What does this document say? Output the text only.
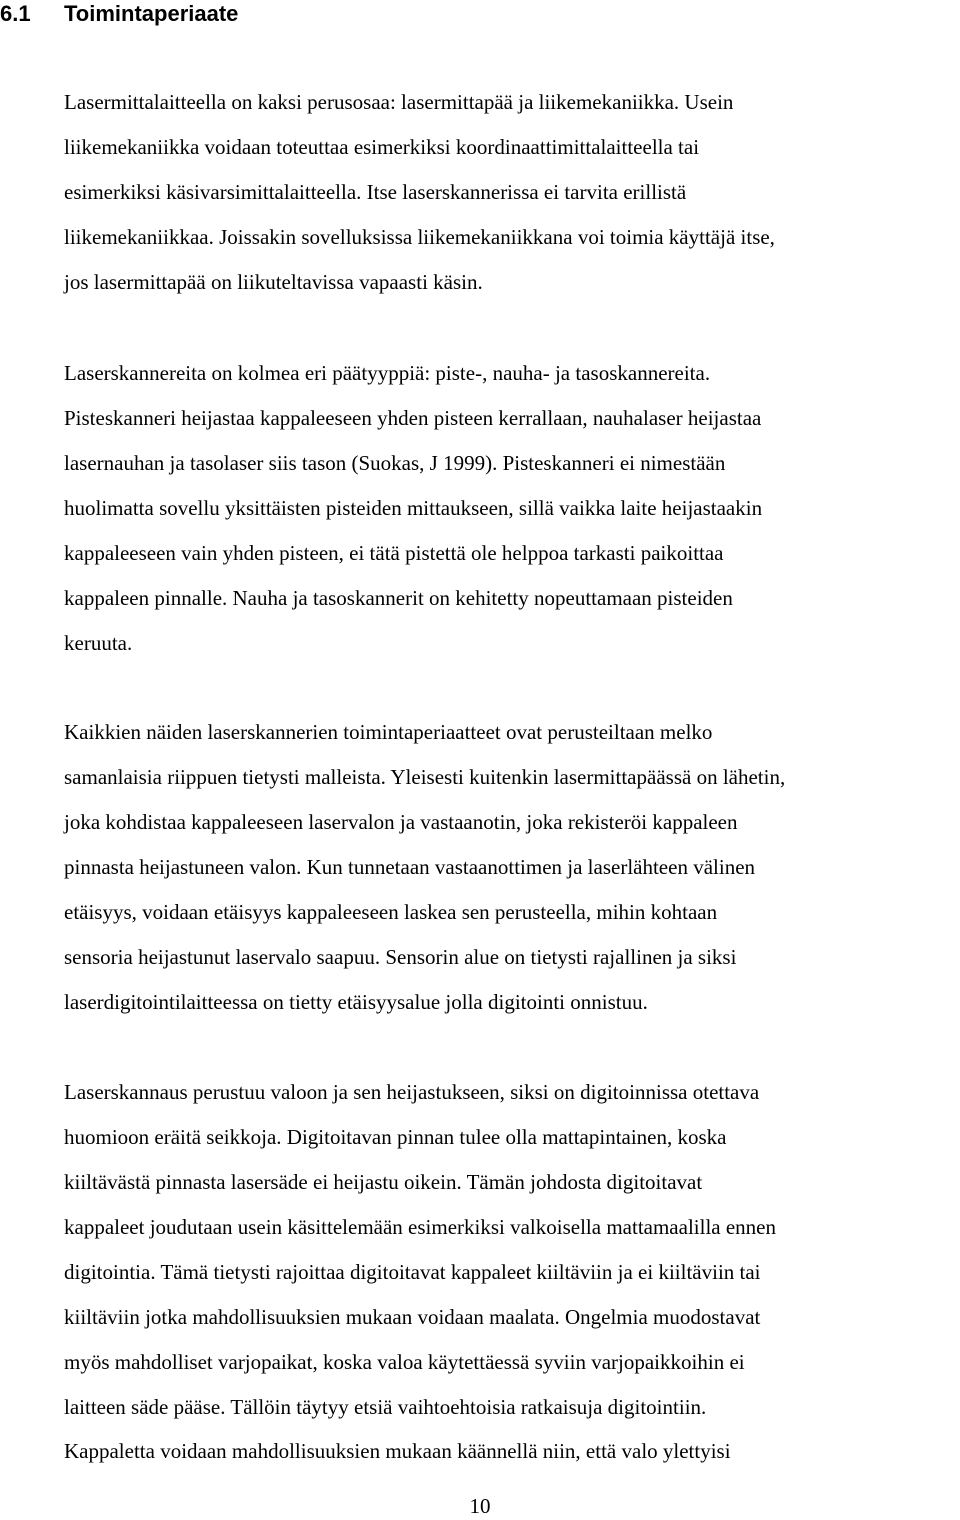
6.1 Toimintaperiaate

Lasermittalaitteella on kaksi perusosaa: lasermittapää ja liikemekaniikka. Usein

liikemekaniikka voidaan toteuttaa esimerkiksi koordinaattimittalaitteella tai

esimerkiksi käsivarsimittalaitteella. Itse laserskannerissa ei tarvita erillistä

liikemekaniikkaa. Joissakin sovelluksissa liikemekaniikkana voi toimia käyttäjä itse,

jos lasermittapää on liikuteltavissa vapaasti käsin.

Laserskannereita on kolmea eri päätyyppiä: piste-, nauha- ja tasoskannereita.

Pisteskanneri heijastaa kappaleeseen yhden pisteen kerrallaan, nauhalaser heijastaa

lasernauhan ja tasolaser siis tason (Suokas, J 1999). Pisteskanneri ei nimestään

huolimatta sovellu yksittäisten pisteiden mittaukseen, sillä vaikka laite heijastaakin

kappaleeseen vain yhden pisteen, ei tätä pistettä ole helppoa tarkasti paikoittaa

kappaleen pinnalle. Nauha ja tasoskannerit on kehitetty nopeuttamaan pisteiden

keruuta.

Kaikkien näiden laserskannerien toimintaperiaatteet ovat perusteiltaan melko

samanlaisia riippuen tietysti malleista. Yleisesti kuitenkin lasermittapäässä on lähetin,

joka kohdistaa kappaleeseen laservalon ja vastaanotin, joka rekisteröi kappaleen

pinnasta heijastuneen valon. Kun tunnetaan vastaanottimen ja laserlähteen välinen

etäisyys, voidaan etäisyys kappaleeseen laskea sen perusteella, mihin kohtaan

sensoria heijastunut laservalo saapuu. Sensorin alue on tietysti rajallinen ja siksi

laserdigitointilaitteessa on tietty etäisyysalue jolla digitointi onnistuu.

Laserskannaus perustuu valoon ja sen heijastukseen, siksi on digitoinnissa otettava

huomioon eräitä seikkoja. Digitoitavan pinnan tulee olla mattapintainen, koska

kiiltävästä pinnasta lasersäde ei heijastu oikein. Tämän johdosta digitoitavat

kappaleet joudutaan usein käsittelemään esimerkiksi valkoisella mattamaalilla ennen

digitointia. Tämä tietysti rajoittaa digitoitavat kappaleet kiiltäviin ja ei kiiltäviin tai

kiiltäviin jotka mahdollisuuksien mukaan voidaan maalata. Ongelmia muodostavat

myös mahdolliset varjopaikat, koska valoa käytettäessä syviin varjopaikkoihin ei

laitteen säde pääse. Tällöin täytyy etsiä vaihtoehtoisia ratkaisuja digitointiin.

Kappaletta voidaan mahdollisuuksien mukaan käännellä niin, että valo ylettyisi

10
